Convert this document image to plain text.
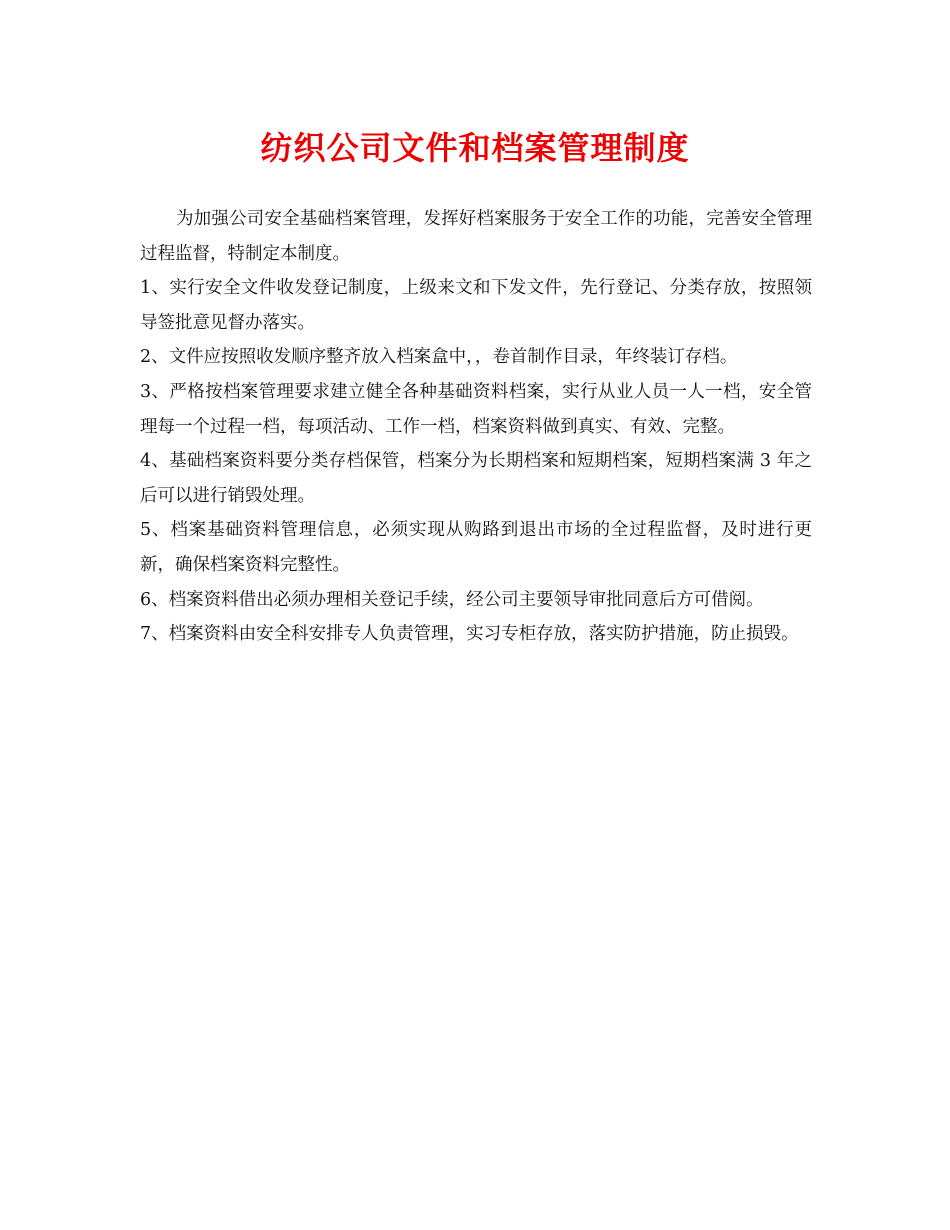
纺织公司文件和档案管理制度

为加强公司安全基础档案管理，发挥好档案服务于安全工作的功能，完善安全管理过程监督，特制定本制度。

1、实行安全文件收发登记制度，上级来文和下发文件，先行登记、分类存放，按照领导签批意见督办落实。

2、文件应按照收发顺序整齐放入档案盒中，，卷首制作目录，年终装订存档。

3、严格按档案管理要求建立健全各种基础资料档案，实行从业人员一人一档，安全管理每一个过程一档，每项活动、工作一档，档案资料做到真实、有效、完整。

4、基础档案资料要分类存档保管，档案分为长期档案和短期档案，短期档案满 3 年之后可以进行销毁处理。

5、档案基础资料管理信息，必须实现从购路到退出市场的全过程监督，及时进行更新，确保档案资料完整性。

6、档案资料借出必须办理相关登记手续，经公司主要领导审批同意后方可借阅。

7、档案资料由安全科安排专人负责管理，实习专柜存放，落实防护措施，防止损毁。
